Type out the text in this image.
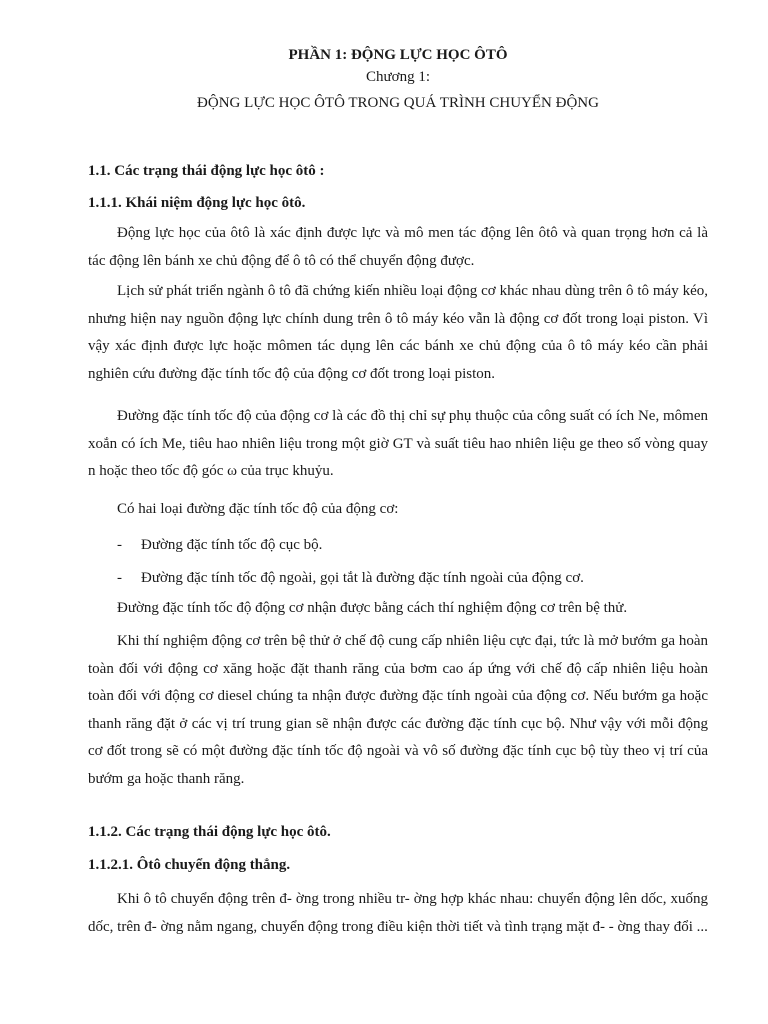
PHẦN 1: ĐỘNG LỰC HỌC ÔTÔ

Chương 1:

ĐỘNG LỰC HỌC ÔTÔ TRONG QUÁ TRÌNH CHUYỂN ĐỘNG

1.1. Các trạng thái động lực học ôtô :

1.1.1. Khái niệm động lực học ôtô.

Động lực học của ôtô là xác định được lực và mô men tác động lên ôtô và quan trọng hơn cả là tác động lên bánh xe chủ động để ô tô có thể chuyển động được.

Lịch sử phát triển ngành ô tô đã chứng kiến nhiều loại động cơ khác nhau dùng trên ô tô máy kéo, nhưng hiện nay nguồn động lực chính dung trên ô tô máy kéo vẫn là động cơ đốt trong loại piston. Vì vậy xác định được lực hoặc mômen tác dụng lên các bánh xe chủ động của ô tô máy kéo cần phải nghiên cứu đường đặc tính tốc độ của động cơ đốt trong loại piston.

Đường đặc tính tốc độ của động cơ là các đồ thị chỉ sự phụ thuộc của công suất có ích Ne, mômen xoắn có ích Me, tiêu hao nhiên liệu trong một giờ GT và suất tiêu hao nhiên liệu ge theo số vòng quay n hoặc theo tốc độ góc ω của trục khuỷu.

Có hai loại đường đặc tính tốc độ của động cơ:

-	Đường đặc tính tốc độ cục bộ.
-	Đường đặc tính tốc độ ngoài, gọi tắt là đường đặc tính ngoài của động cơ.

Đường đặc tính tốc độ động cơ nhận được bằng cách thí nghiệm động cơ trên bệ thử.

Khi thí nghiệm động cơ trên bệ thử ở chế độ cung cấp nhiên liệu cực đại, tức là mở bướm ga hoàn toàn đối với động cơ xăng hoặc đặt thanh răng của bơm cao áp ứng với chế độ cấp nhiên liệu hoàn toàn đối với động cơ diesel chúng ta nhận được đường đặc tính ngoài của động cơ. Nếu bướm ga hoặc thanh răng đặt ở các vị trí trung gian sẽ nhận được các đường đặc tính cục bộ. Như vậy với mỗi động cơ đốt trong sẽ có một đường đặc tính tốc độ ngoài và vô số đường đặc tính cục bộ tùy theo vị trí của bướm ga hoặc thanh răng.

1.1.2. Các trạng thái động lực học ôtô.

1.1.2.1. Ôtô chuyển động thẳng.

Khi ô tô chuyển động trên đ- ờng trong nhiều tr- ờng hợp khác nhau: chuyển động lên dốc, xuống dốc, trên đ- ờng nằm ngang, chuyển động trong điều kiện thời tiết và tình trạng mặt đ- - ờng thay đổi ...
